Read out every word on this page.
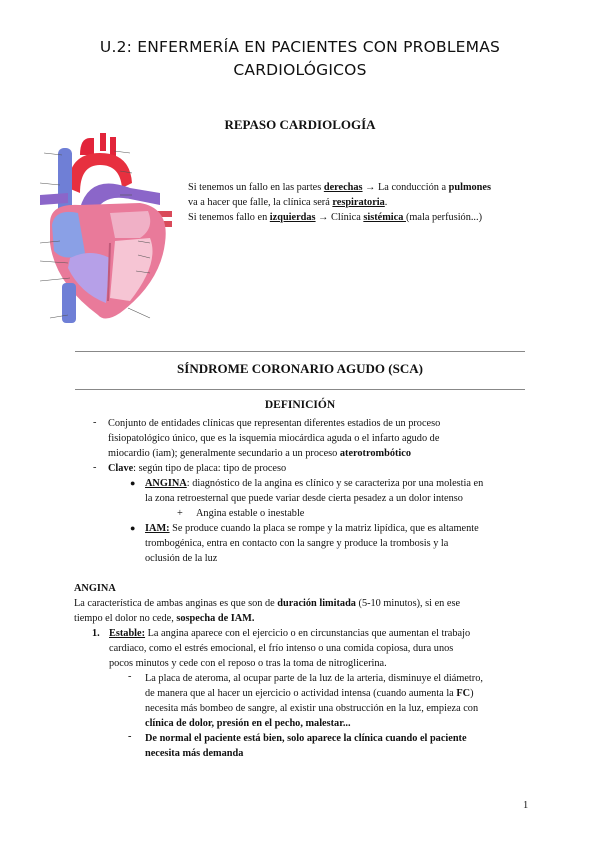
U.2: ENFERMERÍA EN PACIENTES CON PROBLEMAS
CARDIOLÓGICOS
REPASO CARDIOLOGÍA
Si tenemos un fallo en las partes derechas → La conducción a pulmones
va a hacer que falle, la clínica será respiratoria.
Si tenemos fallo en izquierdas → Clínica sistémica (mala perfusión...)
SÍNDROME CORONARIO AGUDO (SCA)
DEFINICIÓN
- Conjunto de entidades clínicas que representan diferentes estadios de un proceso
fisiopatológico único, que es la isquemia miocárdica aguda o el infarto agudo de
miocardio (iam); generalmente secundario a un proceso aterotrombótico
- Clave: según tipo de placa: tipo de proceso
● ANGINA: diagnóstico de la angina es clínico y se caracteriza por una molestia en
la zona retroesternal que puede variar desde cierta pesadez a un dolor intenso
+ Angina estable o inestable
● IAM: Se produce cuando la placa se rompe y la matriz lipídica, que es altamente
trombogénica, entra en contacto con la sangre y produce la trombosis y la
oclusión de la luz
ANGINA
La característica de ambas anginas es que son de duración limitada (5-10 minutos), si en ese
tiempo el dolor no cede, sospecha de IAM.
1. Estable: La angina aparece con el ejercicio o en circunstancias que aumentan el trabajo
cardiaco, como el estrés emocional, el frío intenso o una comida copiosa, dura unos
pocos minutos y cede con el reposo o tras la toma de nitroglicerina.
- La placa de ateroma, al ocupar parte de la luz de la arteria, disminuye el diámetro,
de manera que al hacer un ejercicio o actividad intensa (cuando aumenta la FC)
necesita más bombeo de sangre, al existir una obstrucción en la luz, empieza con
clínica de dolor, presión en el pecho, malestar...
- De normal el paciente está bien, solo aparece la clínica cuando el paciente
necesita más demanda
1
